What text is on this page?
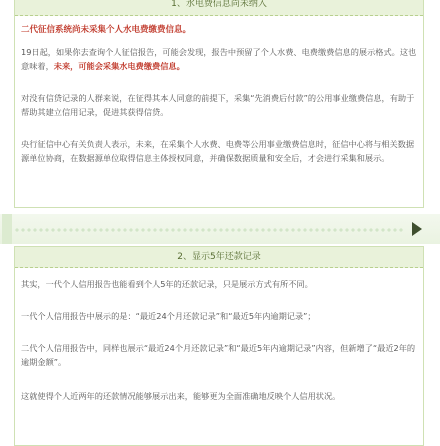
1、水电费信息尚未纳入
二代征信系统尚未采集个人水电费缴费信息。
19日起，如果你去查询个人征信报告，可能会发现，报告中预留了个人水费、电费缴费信息的展示格式。这也意味着，未来，可能会采集水电费缴费信息。
对没有信贷记录的人群来说，在征得其本人同意的前提下，采集“先消费后付款”的公用事业缴费信息，有助于帮助其建立信用记录，促进其获得信贷。
央行征信中心有关负责人表示，未来，在采集个人水费、电费等公用事业缴费信息时，征信中心将与相关数据源单位协商，在数据源单位取得信息主体授权同意，并确保数据质量和安全后，才会进行采集和展示。
2、显示5年还款记录
其实，一代个人信用报告也能看到个人5年的还款记录，只是展示方式有所不同。
一代个人信用报告中展示的是：“最近24个月还款记录”和“最近5年内逾期记录”；
二代个人信用报告中，同样也展示“最近24个月还款记录”和“最近5年内逾期记录”内容，但新增了“最近2年的逾期金额”。
这就使得个人近两年的还款情况能够展示出来，能够更为全面准确地反映个人信用状况。
